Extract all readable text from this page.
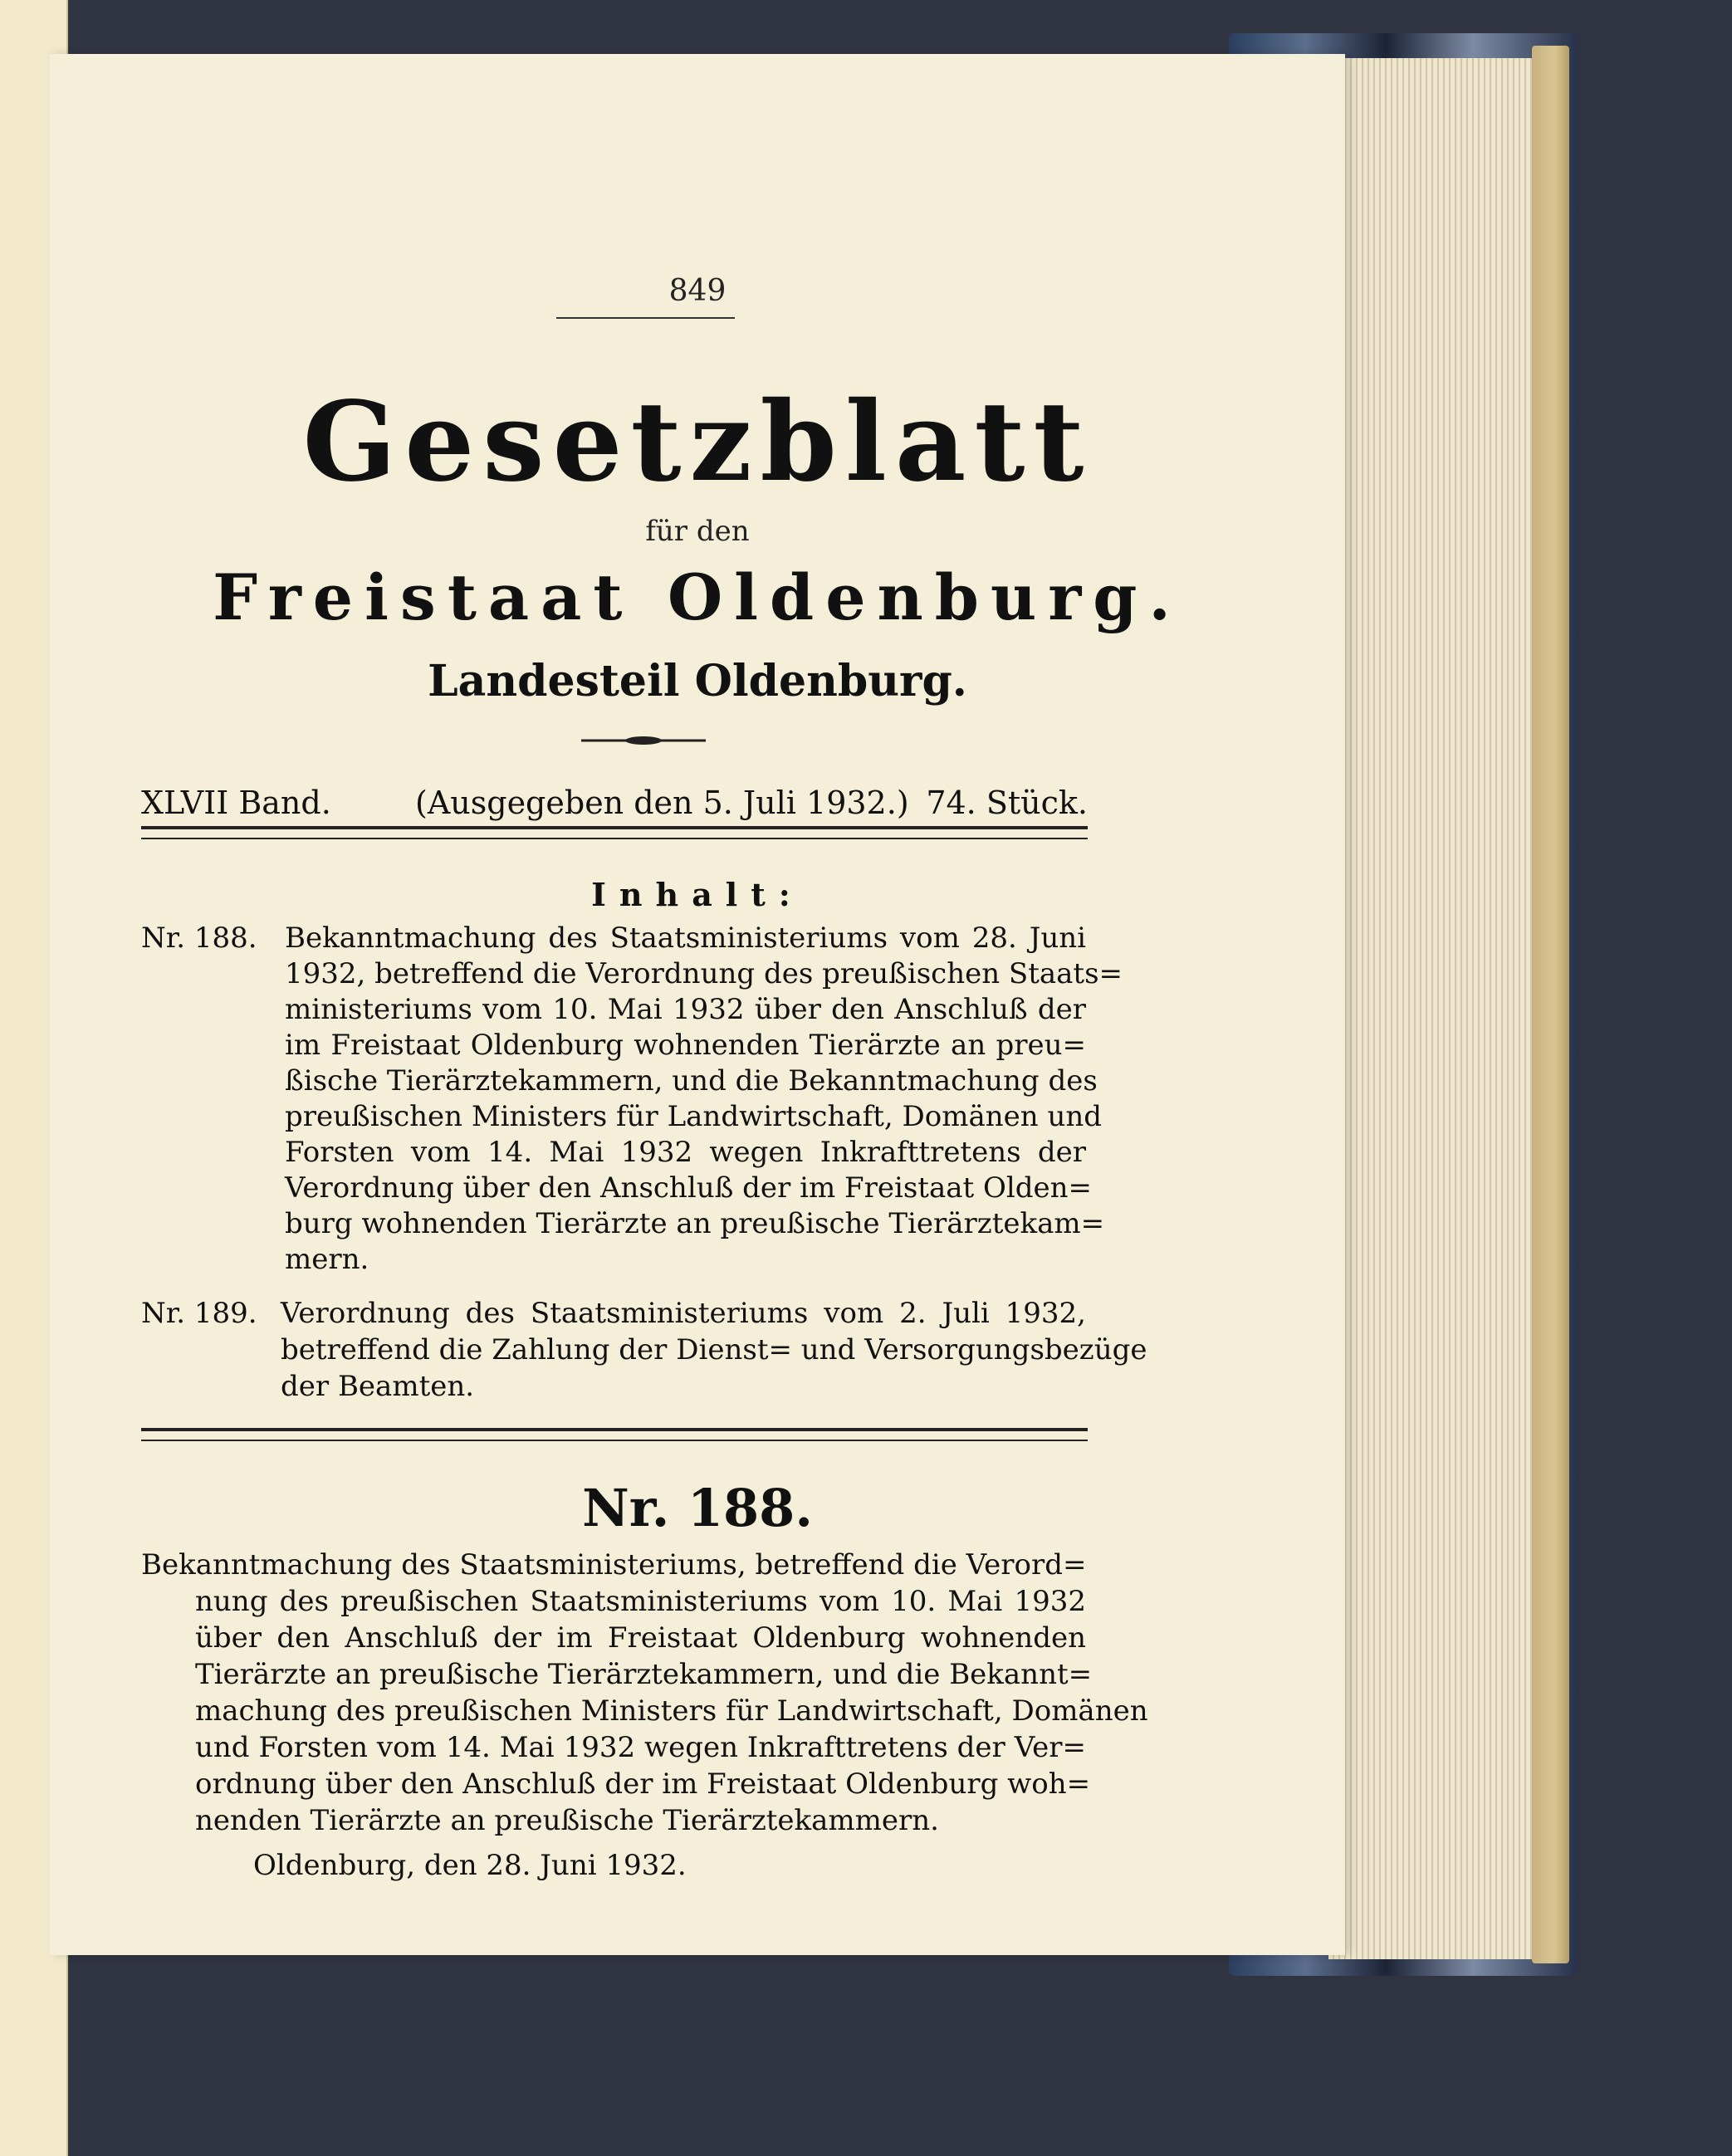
849
Gesetzblatt
für den
Freistaat Oldenburg.
Landesteil Oldenburg.
XLVII Band.	(Ausgegeben den 5. Juli 1932.) 74. Stück.
Inhalt:
Nr. 188. Bekanntmachung des Staatsministeriums vom 28. Juni
1932, betreffend die Verordnung des preußischen Staats=
ministeriums vom 10. Mai 1932 über den Anschluß der
im Freistaat Oldenburg wohnenden Tierärzte an preu=
ßische Tierärztekammern, und die Bekanntmachung des
preußischen Ministers für Landwirtschaft, Domänen und
Forsten vom 14. Mai 1932 wegen Inkrafttretens der
Verordnung über den Anschluß der im Freistaat Olden=
burg wohnenden Tierärzte an preußische Tierärztekam=
mern.
Nr. 189. Verordnung des Staatsministeriums vom 2. Juli 1932,
betreffend die Zahlung der Dienst= und Versorgungsbezüge
der Beamten.
Nr. 188.
Bekanntmachung des Staatsministeriums, betreffend die Verord=
nung des preußischen Staatsministeriums vom 10. Mai 1932
über den Anschluß der im Freistaat Oldenburg wohnenden
Tierärzte an preußische Tierärztekammern, und die Bekannt=
machung des preußischen Ministers für Landwirtschaft, Domänen
und Forsten vom 14. Mai 1932 wegen Inkrafttretens der Ver=
ordnung über den Anschluß der im Freistaat Oldenburg woh=
nenden Tierärzte an preußische Tierärztekammern.
Oldenburg, den 28. Juni 1932.
